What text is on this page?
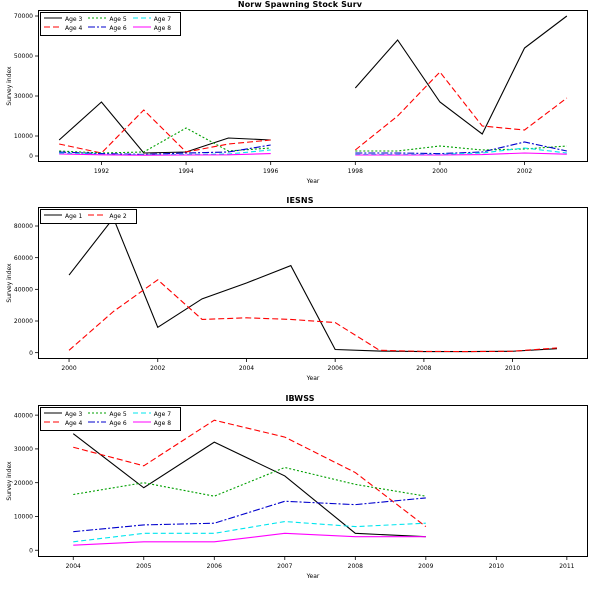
Norw Spawning Stock Surv
1992	1994	1996	1998	2000	2002
0
10000
30000
50000
70000
Year
Survey index
	Age 3		Age 5		Age 7

	Age 4		Age 6		Age 8
IESNS
2000	2002	2004	2006	2008	2010
0
20000
40000
60000
80000
Year
Survey index
	Age 1		Age 2
IBWSS
2004	2005	2006	2007	2008	2009	2010	2011
0
10000
20000
30000
40000
Year
Survey index
	Age 3		Age 5		Age 7

	Age 4		Age 6		Age 8
